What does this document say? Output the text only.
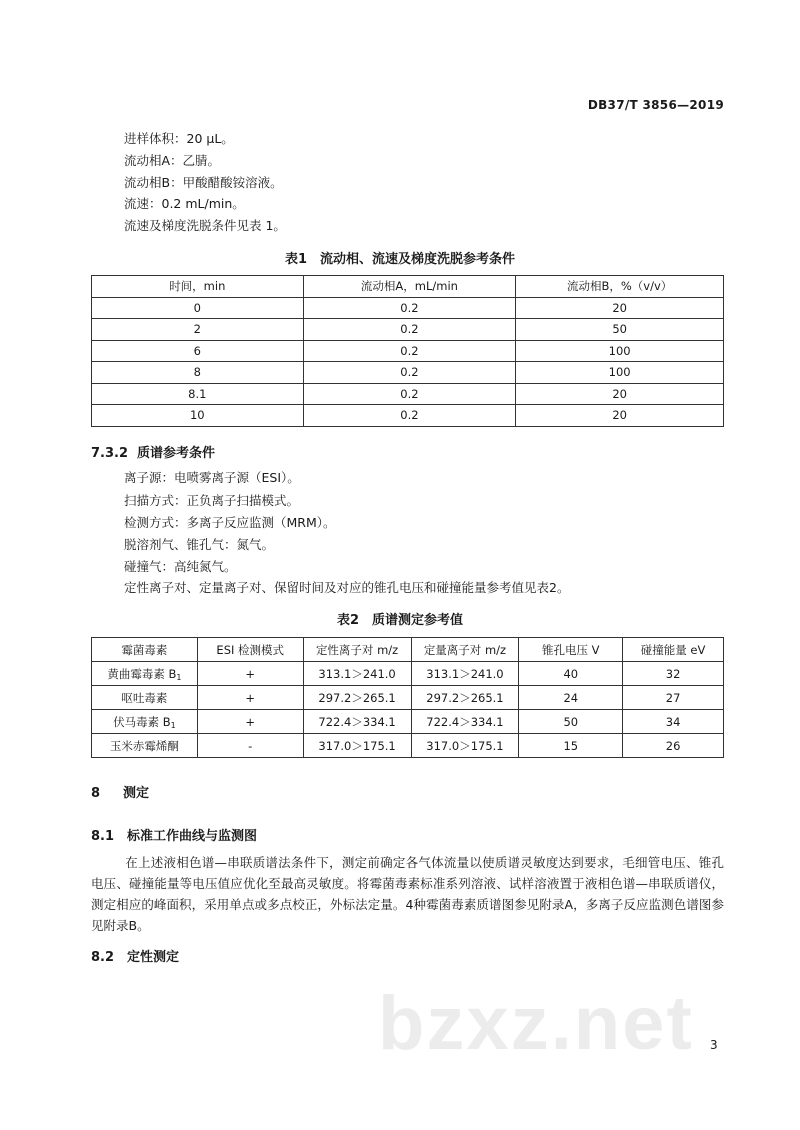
DB37/T 3856—2019
进样体积：20 μL。
流动相A：乙腈。
流动相B：甲酸醋酸铵溶液。
流速：0.2 mL/min。
流速及梯度洗脱条件见表 1。
表1　流动相、流速及梯度洗脱参考条件
时间，min	流动相A，mL/min	流动相B，%（v/v）
0	0.2	20
2	0.2	50
6	0.2	100
8	0.2	100
8.1	0.2	20
10	0.2	20
7.3.2 质谱参考条件
离子源：电喷雾离子源（ESI）。
扫描方式：正负离子扫描模式。
检测方式：多离子反应监测（MRM）。
脱溶剂气、锥孔气：氮气。
碰撞气：高纯氮气。
定性离子对、定量离子对、保留时间及对应的锥孔电压和碰撞能量参考值见表2。
表2　质谱测定参考值
霉菌毒素	ESI 检测模式	定性离子对 m/z	定量离子对 m/z	锥孔电压 V	碰撞能量 eV
黄曲霉毒素 $B_1$	+	313.1＞241.0	313.1＞241.0	40	32
呕吐毒素	+	297.2＞265.1	297.2＞265.1	24	27
伏马毒素 $B_1$	+	722.4＞334.1	722.4＞334.1	50	34
玉米赤霉烯酮	-	317.0＞175.1	317.0＞175.1	15	26
8 测定
8.1 标准工作曲线与监测图
在上述液相色谱—串联质谱法条件下，测定前确定各气体流量以使质谱灵敏度达到要求，毛细管电压、锥孔电压、碰撞能量等电压值应优化至最高灵敏度。将霉菌毒素标准系列溶液、试样溶液置于液相色谱—串联质谱仪，测定相应的峰面积，采用单点或多点校正，外标法定量。4种霉菌毒素质谱图参见附录A，多离子反应监测色谱图参见附录B。
8.2 定性测定
bzxz.net 3
